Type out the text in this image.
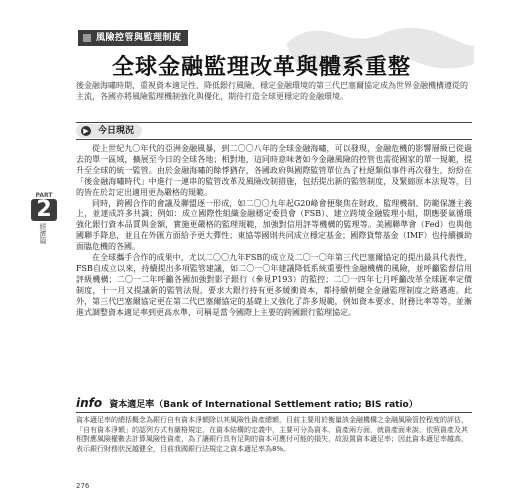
風險控管與監理制度
全球金融監理改革與體系重整
後金融海嘯時期，重視資本適足性、降低銀行風險、穩定金融環境的第三代巴塞爾協定成為世界金融機構遵從的主流，各國亦將風險監理機制強化與優化，期待打造全球更穩定的金融環境。
▶ 今日現況

從上世紀九〇年代的亞洲金融風暴，到二〇〇八年的全球金融海嘯，可以發現，金融危機的影響層級已從過去的單一區域，擴展至今日的全球各地；相對地，這同時意味著如今金融風險的控管也需從國家的單一規範，提升至全球的統一監管。由於金融海嘯的餘悸猶存，各國政府與國際監管單位為了杜絕類似事件再次發生，紛紛在「後金融海嘯時代」中進行一連串的監管改革及風險改制措施，包括提出新的監管制度，及緊縮原本法規等，目的皆在於訂定出適用更為嚴格的規範。

同時，跨國合作的會議及聯盟逐一形成，如二〇〇九年起G20峰會便聚焦在財政、監理機制、防範保護主義上，並達成許多共識；例如：成立國際性組織金融穩定委員會（FSB）、建立跨境金融監理小組，期應要氣循環強化銀行資本品質與金額，實施更嚴格的監理規範，加強對信用評等機構的監理等。美國聯準會（Fed）也與他國聯手降息，並且在外匯方面給予更大彈性；東協等國則共同成立穩定基金；國際貨幣基金（IMF）也持續擴助面臨危機的各國。

在全球攜手合作的成果中，尤以二〇〇九年FSB的成立及二〇一〇年第三代巴塞爾協定的提出最具代表性，FSB自成立以來，持續提出多項監管建議，如二〇一〇年建議降低系統重要性金融機構的風險，並呼籲監督信用評級機構；二〇一二年呼籲各國加強對影子銀行（參見P193）的監控；二〇一四年七月呼籲改革全球匯率定價制度，十一月又提議新的監管法規，要求大銀行持有更多緩衝資本，都持續朝健全金融監理制度之路邁進。此外，第三代巴塞爾協定更在第二代巴塞爾協定的基礎上又強化了許多規範，例如資本要求、財務比率等等，並漸進式調整資本適足率到更高水準，可稱是當今國際上主要的跨國銀行監理協定。

PART
2
經濟篇
info 資本適足率（Bank of International Settlement ratio; BIS ratio）
資本適足率的總括概念為銀行自有資本淨額除以其風險性資產總額，目前主要用於衡量該金融機構之金融風險管控程度的評估，「自有資本淨額」的認列方式有嚴格規定，在資本結構的定義中，主要可分為資本、資產兩方面，就資產面來說，依照資產及其相對應風險權數去計算風險性資產，為了讓銀行具有足夠的資本可應付可能的損失，故設置資本適足率；因此資本適足率越高，表示銀行財務狀況越健全，目前我國銀行法規定之資本適足率為8%。
276
